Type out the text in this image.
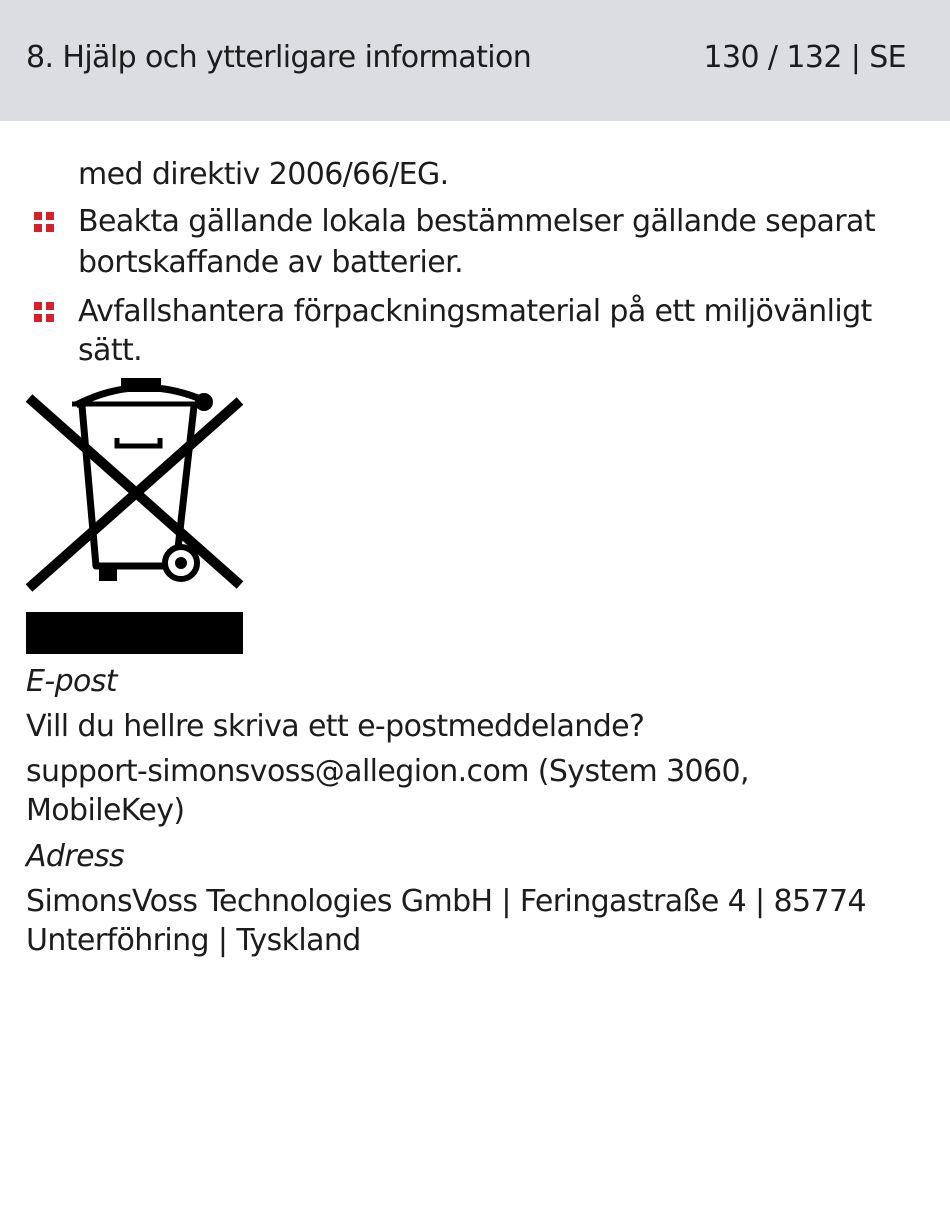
8. Hjälp och ytterligare information	130 / 132 | SE
med direktiv 2006/66/EG.
Beakta gällande lokala bestämmelser gällande separat
bortskaffande av batterier.
Avfallshantera förpackningsmaterial på ett miljövänligt
sätt.
E-post
Vill du hellre skriva ett e-postmeddelande?
support-simonsvoss@allegion.com (System 3060,
MobileKey)
Adress
SimonsVoss Technologies GmbH | Feringastraße 4 | 85774
Unterföhring | Tyskland
